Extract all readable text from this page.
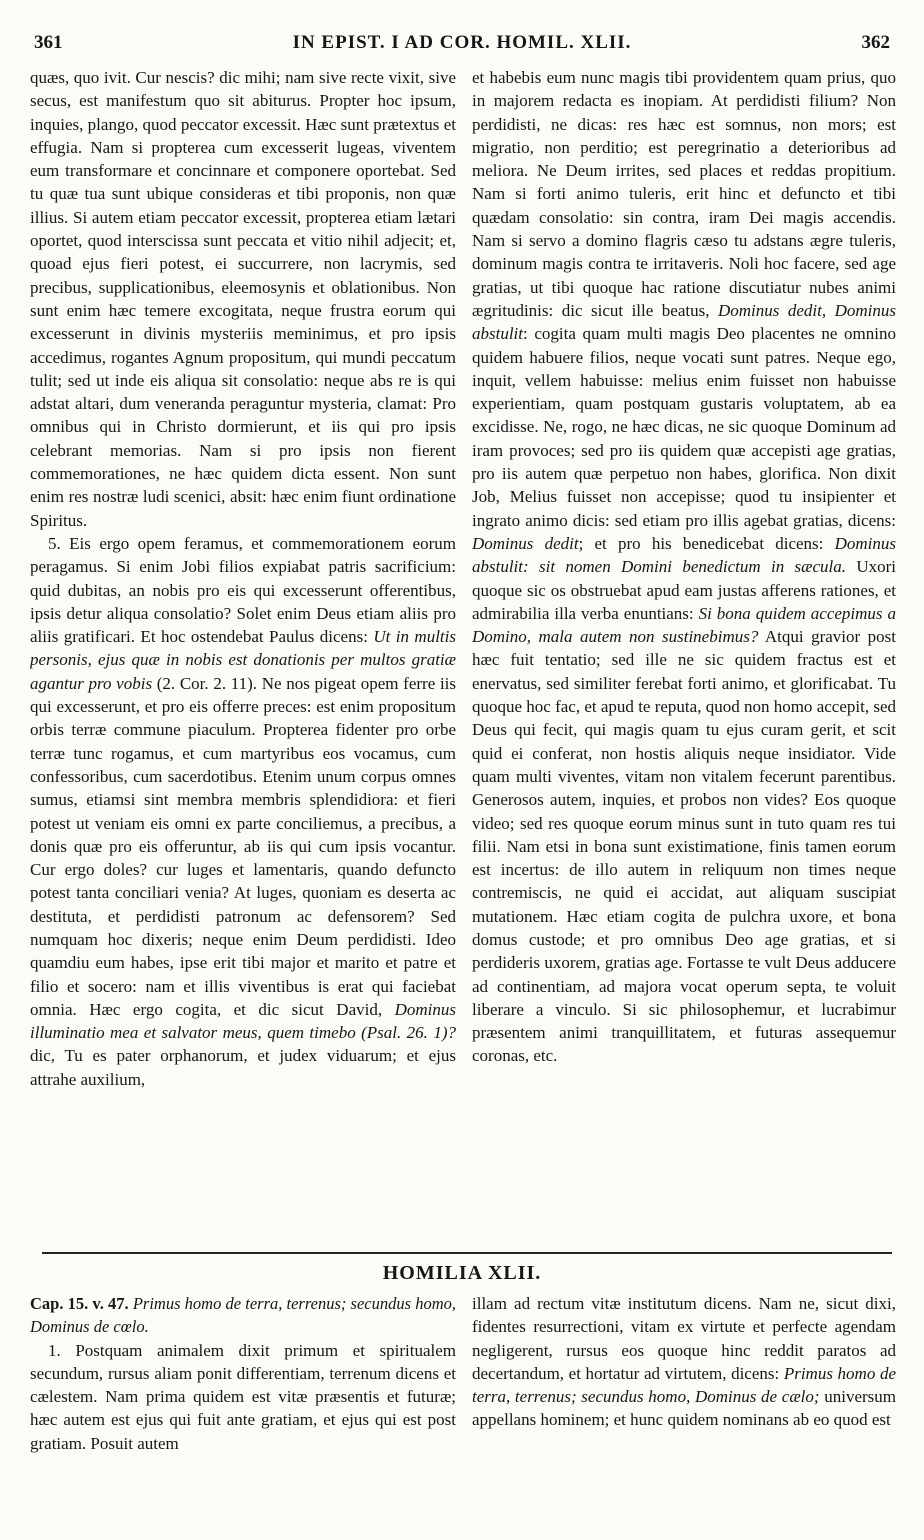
361	IN EPIST. I AD COR. HOMIL. XLII.	362

quæs, quo ivit. Cur nescis? dic mihi; nam sive recte vixit, sive secus, est manifestum quo sit abiturus. Propter hoc ipsum, inquies, plango, quod peccator excessit. Hæc sunt prætextus et effugia. Nam si propterea cum excesserit lugeas, viventem eum transformare et concinnare et componere oportebat. Sed tu quæ tua sunt ubique consideras et tibi proponis, non quæ illius. Si autem etiam peccator excessit, propterea etiam lætari oportet, quod interscissa sunt peccata et vitio nihil adjecit; et, quoad ejus fieri potest, ei succurrere, non lacrymis, sed precibus, supplicationibus, eleemosynis et oblationibus. Non sunt enim hæc temere excogitata, neque frustra eorum qui excesserunt in divinis mysteriis meminimus, et pro ipsis accedimus, rogantes Agnum propositum, qui mundi peccatum tulit; sed ut inde eis aliqua sit consolatio: neque abs re is qui adstat altari, dum veneranda peraguntur mysteria, clamat: Pro omnibus qui in Christo dormierunt, et iis qui pro ipsis celebrant memorias. Nam si pro ipsis non fierent commemorationes, ne hæc quidem dicta essent. Non sunt enim res nostræ ludi scenici, absit: hæc enim fiunt ordinatione Spiritus.

5. Eis ergo opem feramus, et commemorationem eorum peragamus. Si enim Jobi filios expiabat patris sacrificium: quid dubitas, an nobis pro eis qui excesserunt offerentibus, ipsis detur aliqua consolatio? Solet enim Deus etiam aliis pro aliis gratificari. Et hoc ostendebat Paulus dicens: Ut in multis personis, ejus quæ in nobis est donationis per multos gratiæ agantur pro vobis (2. Cor. 2. 11). Ne nos pigeat opem ferre iis qui excesserunt, et pro eis offerre preces: est enim propositum orbis terræ commune piaculum. Propterea fidenter pro orbe terræ tunc rogamus, et cum martyribus eos vocamus, cum confessoribus, cum sacerdotibus. Etenim unum corpus omnes sumus, etiamsi sint membra membris splendidiora: et fieri potest ut veniam eis omni ex parte conciliemus, a precibus, a donis quæ pro eis offeruntur, ab iis qui cum ipsis vocantur. Cur ergo doles? cur luges et lamentaris, quando defuncto potest tanta conciliari venia? At luges, quoniam es deserta ac destituta, et perdidisti patronum ac defensorem? Sed numquam hoc dixeris; neque enim Deum perdidisti. Ideo quamdiu eum habes, ipse erit tibi major et marito et patre et filio et socero: nam et illis viventibus is erat qui faciebat omnia. Hæc ergo cogita, et dic sicut David, Dominus illuminatio mea et salvator meus, quem timebo (Psal. 26. 1)? dic, Tu es pater orphanorum, et judex viduarum; et ejus attrahe auxilium,

et habebis eum nunc magis tibi providentem quam prius, quo in majorem redacta es inopiam. At perdidisti filium? Non perdidisti, ne dicas: res hæc est somnus, non mors; est migratio, non perditio; est peregrinatio a deterioribus ad meliora. Ne Deum irrites, sed places et reddas propitium. Nam si forti animo tuleris, erit hinc et defuncto et tibi quædam consolatio: sin contra, iram Dei magis accendis. Nam si servo a domino flagris cæso tu adstans ægre tuleris, dominum magis contra te irritaveris. Noli hoc facere, sed age gratias, ut tibi quoque hac ratione discutiatur nubes animi ægritudinis: dic sicut ille beatus, Dominus dedit, Dominus abstulit: cogita quam multi magis Deo placentes ne omnino quidem habuere filios, neque vocati sunt patres. Neque ego, inquit, vellem habuisse: melius enim fuisset non habuisse experientiam, quam postquam gustaris voluptatem, ab ea excidisse. Ne, rogo, ne hæc dicas, ne sic quoque Dominum ad iram provoces; sed pro iis quidem quæ accepisti age gratias, pro iis autem quæ perpetuo non habes, glorifica. Non dixit Job, Melius fuisset non accepisse; quod tu insipienter et ingrato animo dicis: sed etiam pro illis agebat gratias, dicens: Dominus dedit; et pro his benedicebat dicens: Dominus abstulit: sit nomen Domini benedictum in sæcula. Uxori quoque sic os obstruebat apud eam justas afferens rationes, et admirabilia illa verba enuntians: Si bona quidem accepimus a Domino, mala autem non sustinebimus? Atqui gravior post hæc fuit tentatio; sed ille ne sic quidem fractus est et enervatus, sed similiter ferebat forti animo, et glorificabat. Tu quoque hoc fac, et apud te reputa, quod non homo accepit, sed Deus qui fecit, qui magis quam tu ejus curam gerit, et scit quid ei conferat, non hostis aliquis neque insidiator. Vide quam multi viventes, vitam non vitalem fecerunt parentibus. Generosos autem, inquies, et probos non vides? Eos quoque video; sed res quoque eorum minus sunt in tuto quam res tui filii. Nam etsi in bona sunt existimatione, finis tamen eorum est incertus: de illo autem in reliquum non times neque contremiscis, ne quid ei accidat, aut aliquam suscipiat mutationem. Hæc etiam cogita de pulchra uxore, et bona domus custode; et pro omnibus Deo age gratias, et si perdideris uxorem, gratias age. Fortasse te vult Deus adducere ad continentiam, ad majora vocat operum septa, te voluit liberare a vinculo. Si sic philosophemur, et lucrabimur præsentem animi tranquillitatem, et futuras assequemur coronas, etc.

HOMILIA XLII.

Cap. 15. v. 47. Primus homo de terra, terrenus; secundus homo, Dominus de cœlo.

1. Postquam animalem dixit primum et spiritualem secundum, rursus aliam ponit differentiam, terrenum dicens et cælestem. Nam prima quidem est vitæ præsentis et futuræ; hæc autem est ejus qui fuit ante gratiam, et ejus qui est post gratiam. Posuit autem

illam ad rectum vitæ institutum dicens. Nam ne, sicut dixi, fidentes resurrectioni, vitam ex virtute et perfecte agendam negligerent, rursus eos quoque hinc reddit paratos ad decertandum, et hortatur ad virtutem, dicens: Primus homo de terra, terrenus; secundus homo, Dominus de cælo; universum appellans hominem; et hunc quidem nominans ab eo quod est
